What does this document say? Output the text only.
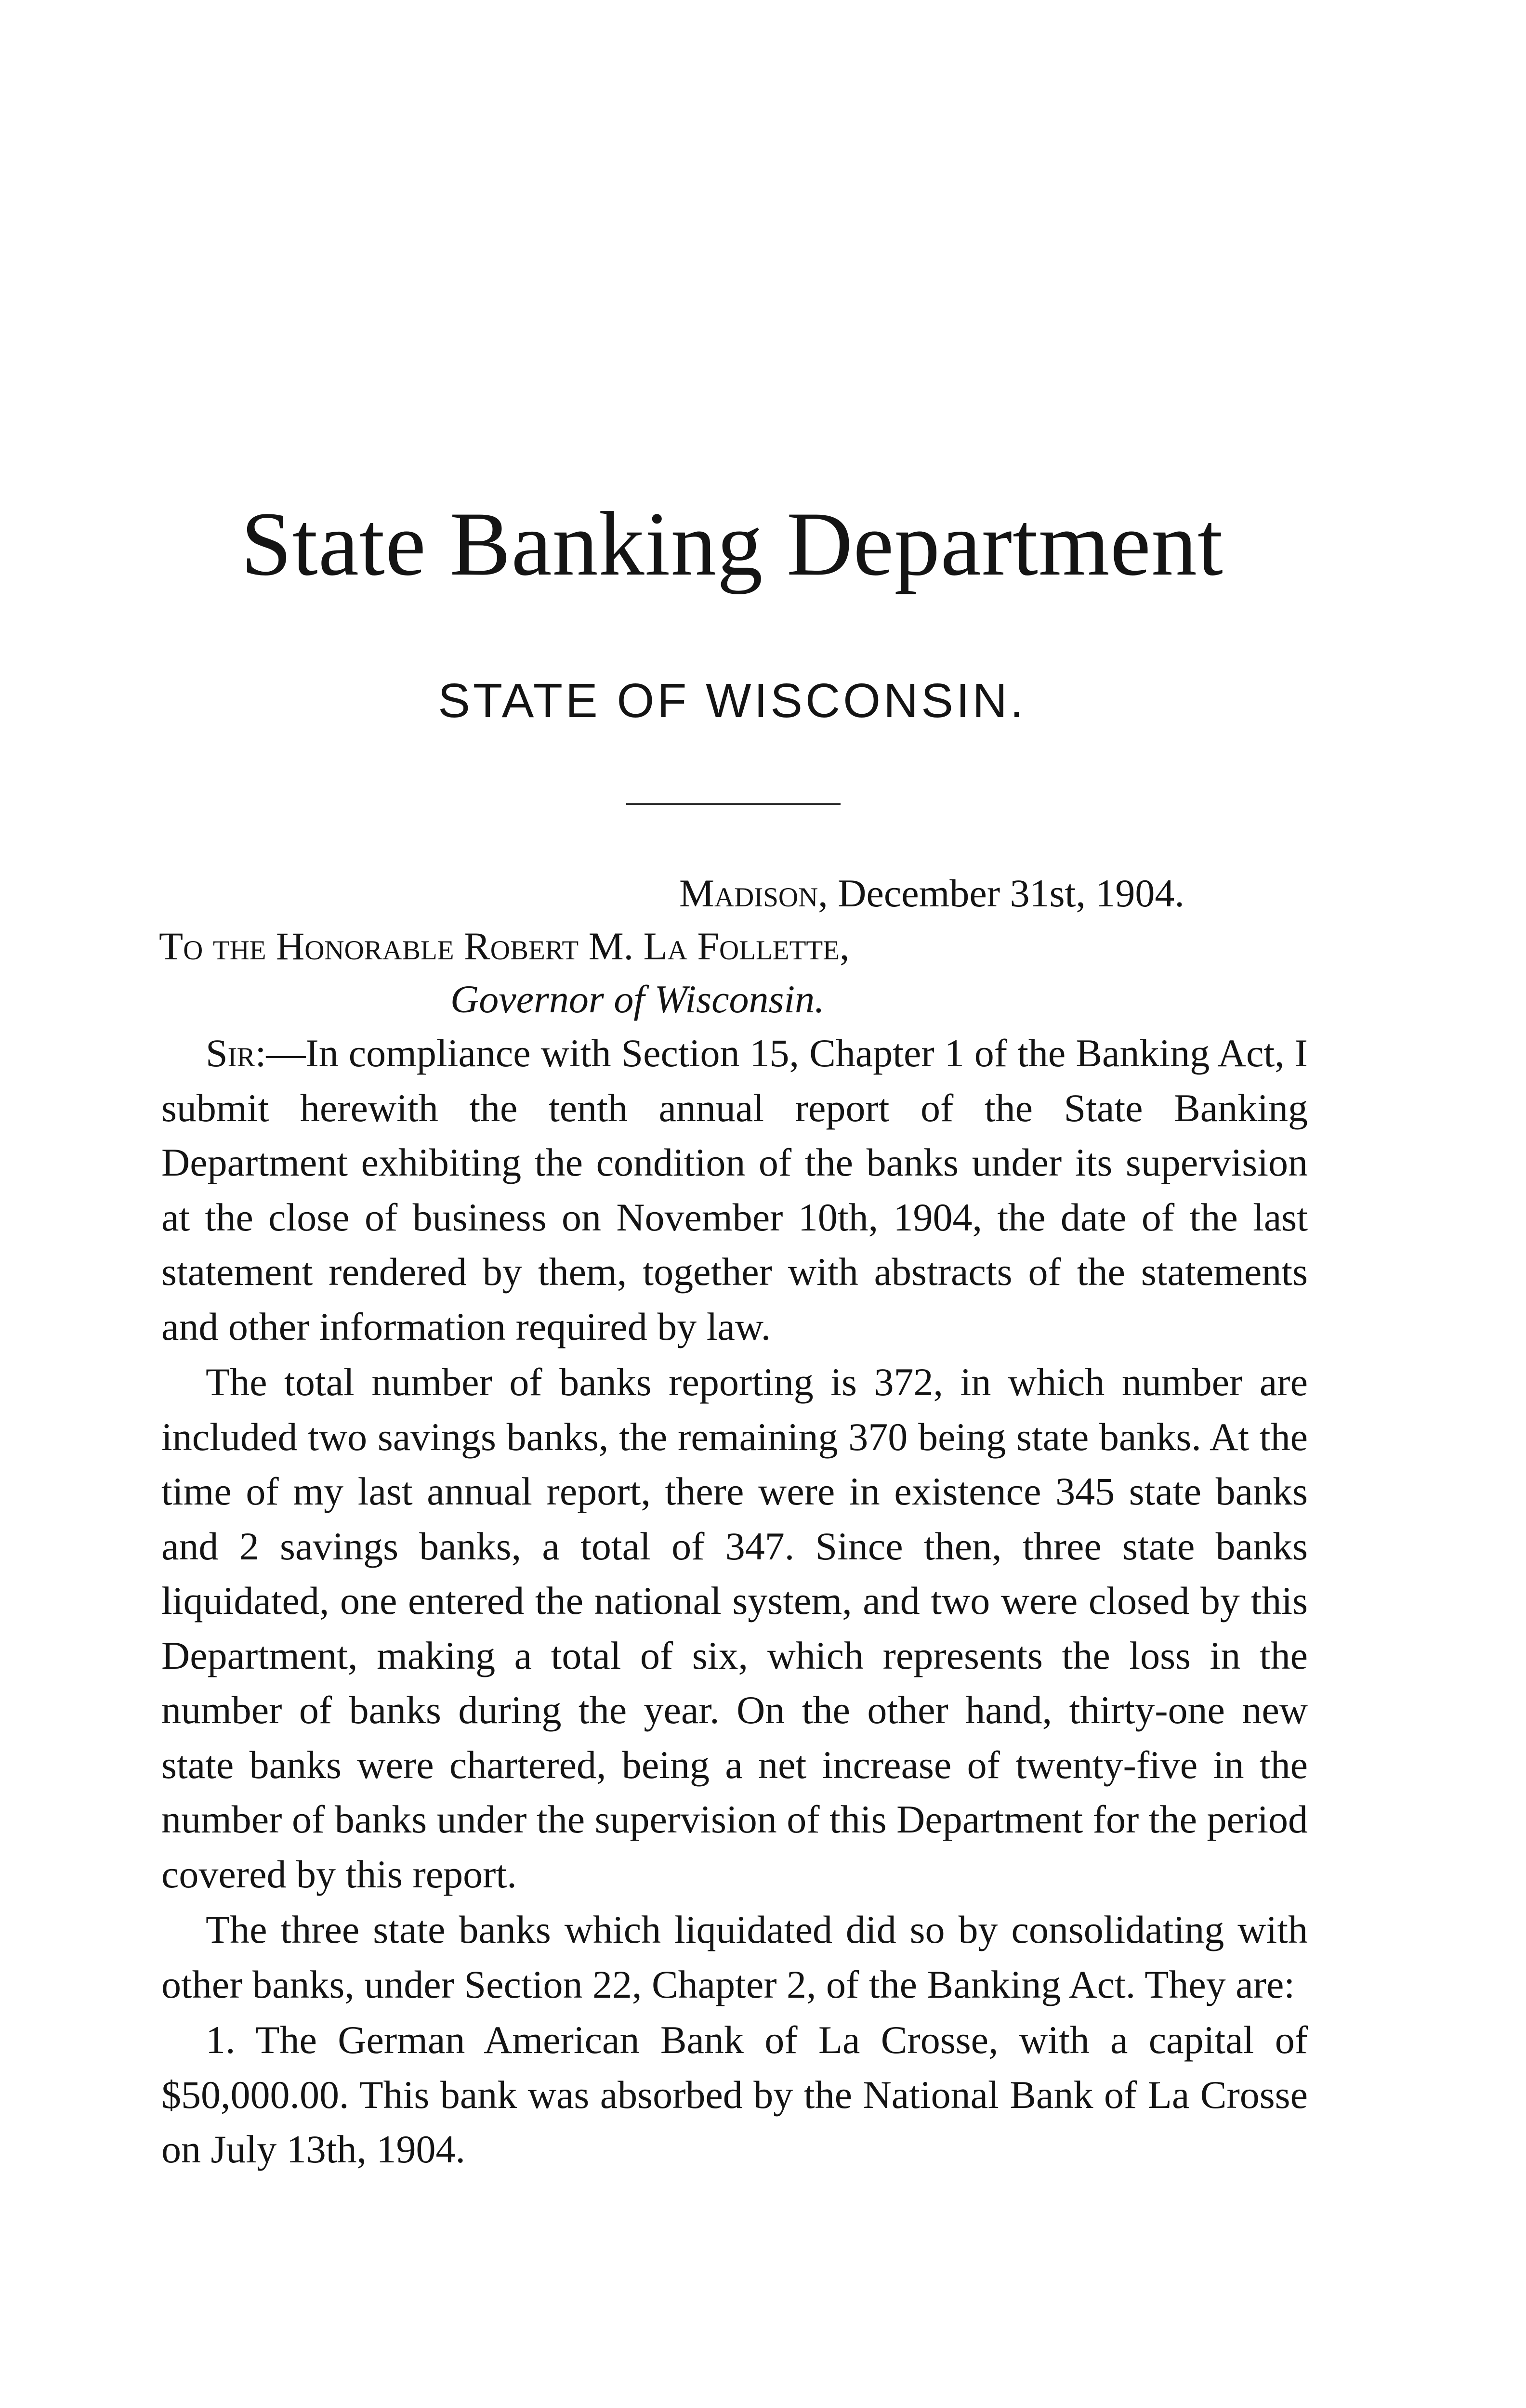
State Banking Department
STATE OF WISCONSIN.
Madison, December 31st, 1904.
To the Honorable Robert M. La Follette,
Governor of Wisconsin.

Sir:—In compliance with Section 15, Chapter 1 of the Banking Act, I submit herewith the tenth annual report of the State Banking Department exhibiting the condition of the banks under its supervision at the close of business on November 10th, 1904, the date of the last statement rendered by them, together with abstracts of the statements and other information required by law.

The total number of banks reporting is 372, in which number are included two savings banks, the remaining 370 being state banks. At the time of my last annual report, there were in existence 345 state banks and 2 savings banks, a total of 347. Since then, three state banks liquidated, one entered the national system, and two were closed by this Department, making a total of six, which represents the loss in the number of banks during the year. On the other hand, thirty-one new state banks were chartered, being a net increase of twenty-five in the number of banks under the supervision of this Department for the period covered by this report.

The three state banks which liquidated did so by consolidating with other banks, under Section 22, Chapter 2, of the Banking Act. They are:

1. The German American Bank of La Crosse, with a capital of $50,000.00. This bank was absorbed by the National Bank of La Crosse on July 13th, 1904.
